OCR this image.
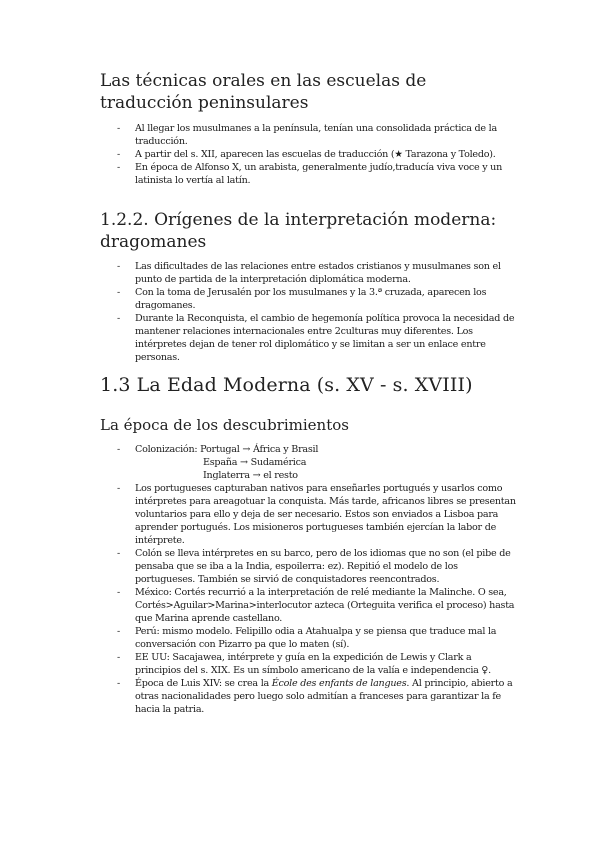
Las técnicas orales en las escuelas de traducción peninsulares
- Al llegar los musulmanes a la península, tenían una consolidada práctica de la traducción.
- A partir del s. XII, aparecen las escuelas de traducción (★ Tarazona y Toledo).
- En época de Alfonso X, un arabista, generalmente judío,traducía viva voce y un latinista lo vertía al latín.
1.2.2. Orígenes de la interpretación moderna: dragomanes
- Las dificultades de las relaciones entre estados cristianos y musulmanes son el punto de partida de la interpretación diplomática moderna.
- Con la toma de Jerusalén por los musulmanes y la 3.ª cruzada, aparecen los dragomanes.
- Durante la Reconquista, el cambio de hegemonía política provoca la necesidad de mantener relaciones internacionales entre 2culturas muy diferentes. Los intérpretes dejan de tener rol diplomático y se limitan a ser un enlace entre personas.
1.3 La Edad Moderna (s. XV - s. XVIII)
La época de los descubrimientos
- Colonización: Portugal → África y Brasil
España → Sudamérica
Inglaterra → el resto
- Los portugueses capturaban nativos para enseñarles portugués y usarlos como intérpretes para areagotuar la conquista. Más tarde, africanos libres se presentan voluntarios para ello y deja de ser necesario. Estos son enviados a Lisboa para aprender portugués. Los misioneros portugueses también ejercían la labor de intérprete.
- Colón se lleva intérpretes en su barco, pero de los idiomas que no son (el pibe de pensaba que se iba a la India, espoilerra: ez). Repitió el modelo de los portugueses. También se sirvió de conquistadores reencontrados.
- México: Cortés recurrió a la interpretación de relé mediante la Malinche. O sea, Cortés>Aguilar>Marina>interlocutor azteca (Orteguita verifica el proceso) hasta que Marina aprende castellano.
- Perú: mismo modelo. Felipillo odia a Atahualpa y se piensa que traduce mal la conversación con Pizarro pa que lo maten (sí).
- EE UU: Sacajawea, intérprete y guía en la expedición de Lewis y Clark a principios del s. XIX. Es un símbolo americano de la valía e independencia ♀.
- Época de Luis XIV: se crea la École des enfants de langues. Al principio, abierto a otras nacionalidades pero luego solo admitían a franceses para garantizar la fe hacia la patria.
